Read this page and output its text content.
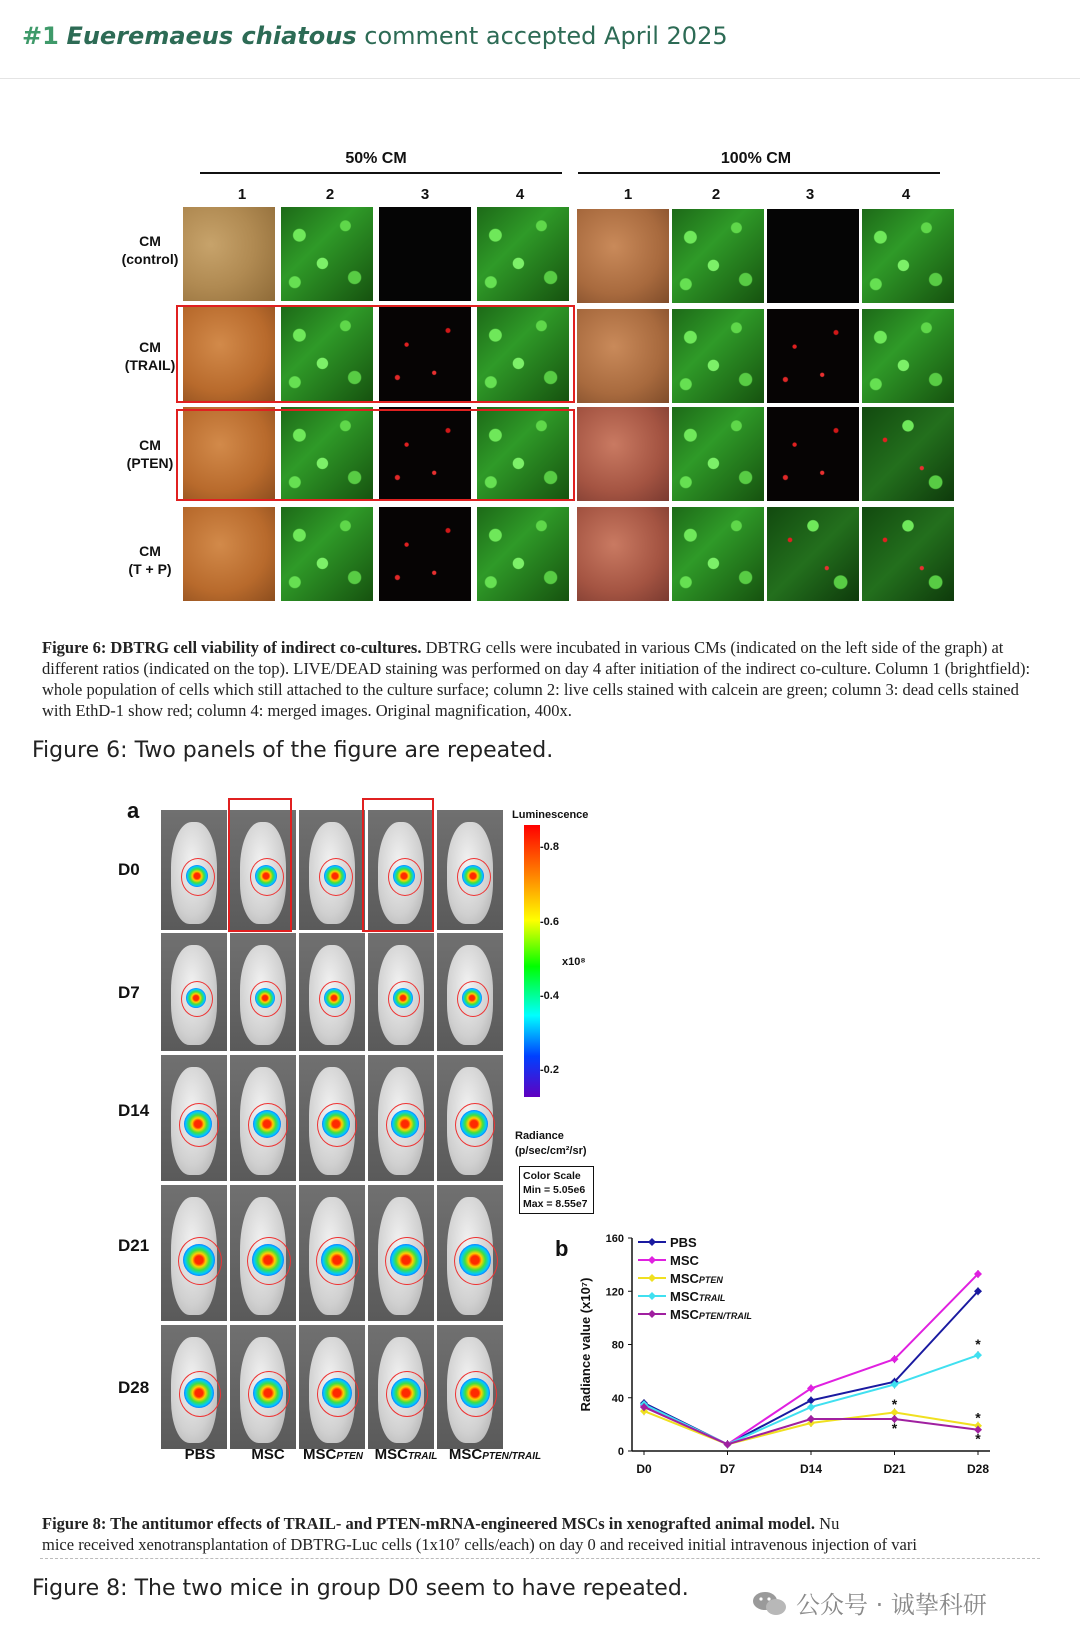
#1 Eueremaeus chiatous comment accepted April 2025
50% CM	100% CM
1	2	3	4	1	2	3	4
CM
(control)
CM
(TRAIL)
CM
(PTEN)
CM
(T + P)
Figure 6: DBTRG cell viability of indirect co-cultures. DBTRG cells were incubated in various CMs (indicated on the left side of the graph) at different ratios (indicated on the top). LIVE/DEAD staining was performed on day 4 after initiation of the indirect co-culture. Column 1 (brightfield): whole population of cells which still attached to the culture surface; column 2: live cells stained with calcein are green; column 3: dead cells stained with EthD-1 show red; column 4: merged images. Original magnification, 400x.
Figure 6: Two panels of the figure are repeated.
a
D0
D7
D14
D21
D28
PBS	MSC	MSCPTEN MSCTRAIL MSCPTEN/TRAIL
Luminescence
-0.8
-0.6
-0.4
-0.2
x10⁸
Radiance
(p/sec/cm²/sr)
Color Scale
Min = 5.05e6
Max = 8.55e7
b
0
40
80
120
160
D0	D7	D14	D21	D28
Radiance value (x10⁷)
PBS
MSC
MSCPTEN
MSCTRAIL
MSCPTEN/TRAIL
*
*
*
*
*
Figure 8: The antitumor effects of TRAIL- and PTEN-mRNA-engineered MSCs in xenografted animal model. Nu
mice received xenotransplantation of DBTRG-Luc cells (1x10⁷ cells/each) on day 0 and received initial intravenous injection of vari
Figure 8: The two mice in group D0 seem to have repeated.
公众号 · 诚挚科研
